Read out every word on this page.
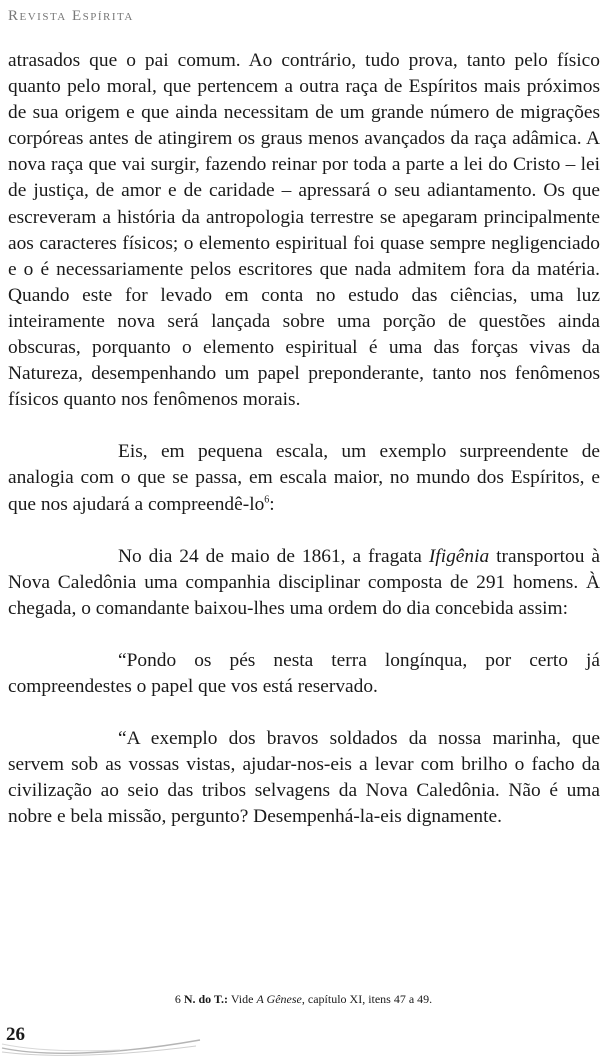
Revista Espírita

atrasados que o pai comum. Ao contrário, tudo prova, tanto pelo físico quanto pelo moral, que pertencem a outra raça de Espíritos mais próximos de sua origem e que ainda necessitam de um grande número de migrações corpóreas antes de atingirem os graus menos avançados da raça adâmica. A nova raça que vai surgir, fazendo reinar por toda a parte a lei do Cristo – lei de justiça, de amor e de caridade – apressará o seu adiantamento. Os que escreveram a história da antropologia terrestre se apegaram principalmente aos caracteres físicos; o elemento espiritual foi quase sempre negligenciado e o é necessariamente pelos escritores que nada admitem fora da matéria. Quando este for levado em conta no estudo das ciências, uma luz inteiramente nova será lançada sobre uma porção de questões ainda obscuras, porquanto o elemento espiritual é uma das forças vivas da Natureza, desempenhando um papel preponderante, tanto nos fenômenos físicos quanto nos fenômenos morais.

Eis, em pequena escala, um exemplo surpreendente de analogia com o que se passa, em escala maior, no mundo dos Espíritos, e que nos ajudará a compreendê-$lo^6$:

No dia 24 de maio de 1861, a fragata Ifigênia transportou à Nova Caledônia uma companhia disciplinar composta de 291 homens. À chegada, o comandante baixou-lhes uma ordem do dia concebida assim:

“Pondo os pés nesta terra longínqua, por certo já compreendestes o papel que vos está reservado.

“A exemplo dos bravos soldados da nossa marinha, que servem sob as vossas vistas, ajudar-nos-eis a levar com brilho o facho da civilização ao seio das tribos selvagens da Nova Caledônia. Não é uma nobre e bela missão, pergunto? Desempenhá-la-eis dignamente.

6 N. do T.: Vide A Gênese, capítulo XI, itens 47 a 49.
26
